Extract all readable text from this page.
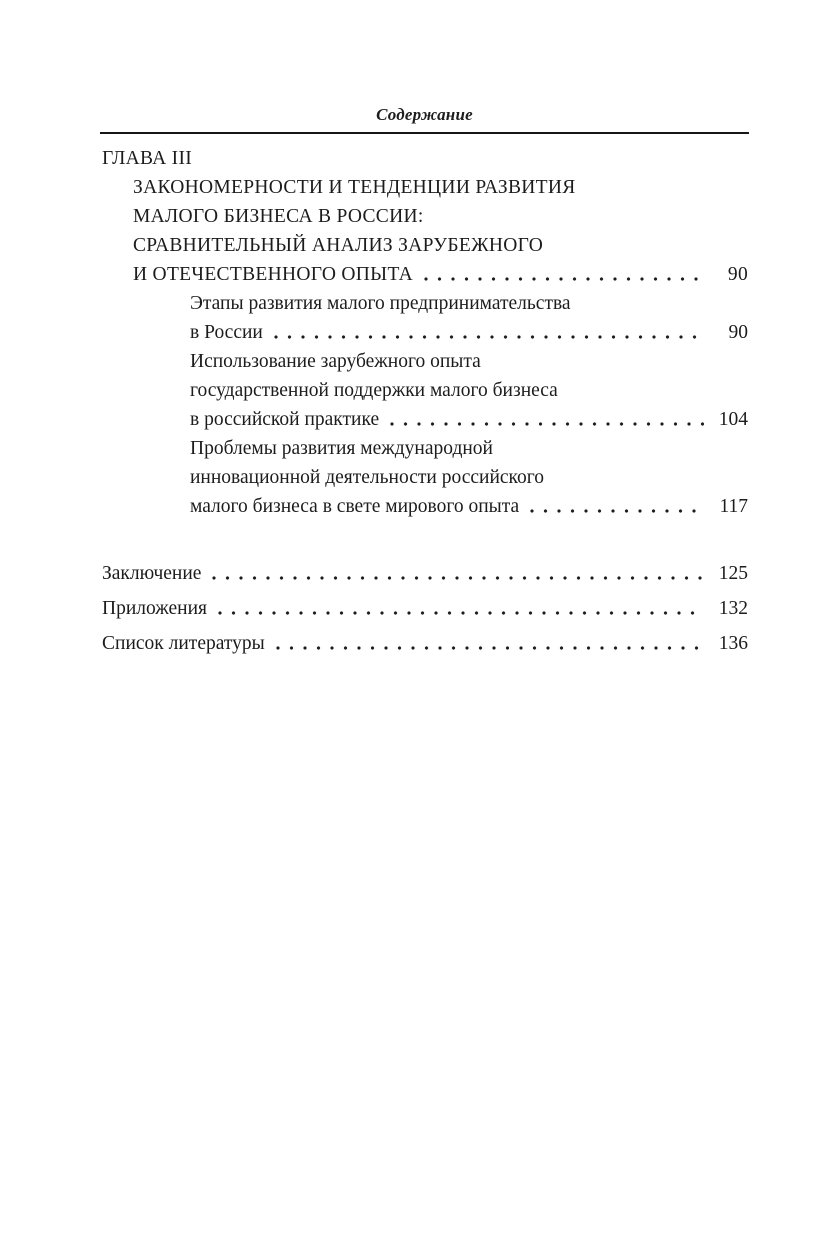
Содержание
ГЛАВА III
ЗАКОНОМЕРНОСТИ И ТЕНДЕНЦИИ РАЗВИТИЯ
МАЛОГО БИЗНЕСА В РОССИИ:
СРАВНИТЕЛЬНЫЙ АНАЛИЗ ЗАРУБЕЖНОГО
И ОТЕЧЕСТВЕННОГО ОПЫТА	90
Этапы развития малого предпринимательства
в России	90
Использование зарубежного опыта
государственной поддержки малого бизнеса
в российской практике	104
Проблемы развития международной
инновационной деятельности российского
малого бизнеса в свете мирового опыта	117
Заключение	125
Приложения	132
Список литературы	136
